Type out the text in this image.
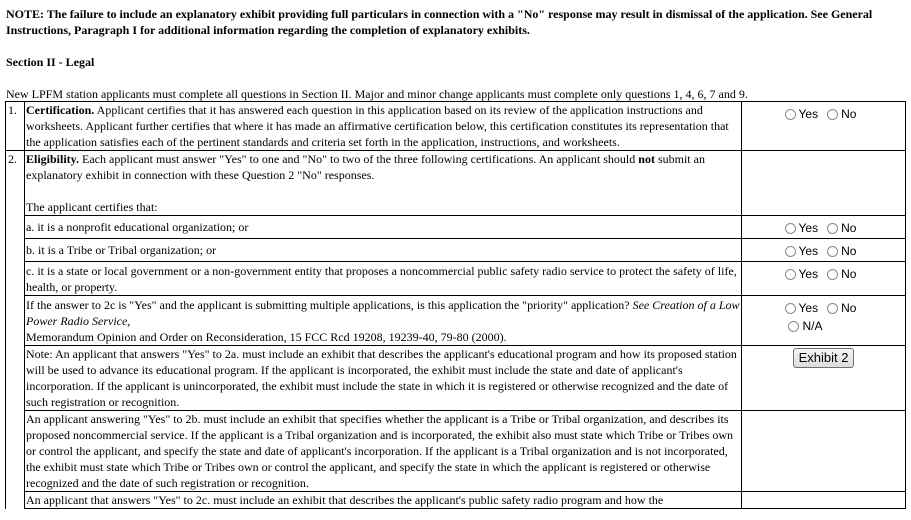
NOTE: The failure to include an explanatory exhibit providing full particulars in connection with a "No" response may result in dismissal of the application. See General Instructions, Paragraph I for additional information regarding the completion of explanatory exhibits.
Section II - Legal
New LPFM station applicants must complete all questions in Section II. Major and minor change applicants must complete only questions 1, 4, 6, 7 and 9.
1.	Certification. Applicant certifies that it has answered each question in this application based on its review of the application instructions and worksheets. Applicant further certifies that where it has made an affirmative certification below, this certification constitutes its representation that the application satisfies each of the pertinent standards and criteria set forth in the application, instructions, and worksheets.	Yes No
2.	Eligibility. Each applicant must answer "Yes" to one and "No" to two of the three following certifications. An applicant should not submit an explanatory exhibit in connection with these Question 2 "No" responses.

The applicant certifies that:	
	a. it is a nonprofit educational organization; or	Yes No
	b. it is a Tribe or Tribal organization; or	Yes No
	c. it is a state or local government or a non-government entity that proposes a noncommercial public safety radio service to protect the safety of life, health, or property.	Yes No
	If the answer to 2c is "Yes" and the applicant is submitting multiple applications, is this application the "priority" application? See Creation of a Low Power Radio Service,
Memorandum Opinion and Order on Reconsideration, 15 FCC Rcd 19208, 19239-40, 79-80 (2000).	Yes No
N/A
	Note: An applicant that answers "Yes" to 2a. must include an exhibit that describes the applicant's educational program and how its proposed station will be used to advance its educational program. If the applicant is incorporated, the exhibit must include the state and date of applicant's incorporation. If the applicant is unincorporated, the exhibit must include the state in which it is registered or otherwise recognized and the date of such registration or recognition.	Exhibit 2
	An applicant answering "Yes" to 2b. must include an exhibit that specifies whether the applicant is a Tribe or Tribal organization, and describes its proposed noncommercial service. If the applicant is a Tribal organization and is incorporated, the exhibit also must state which Tribe or Tribes own or control the applicant, and specify the state and date of applicant's incorporation. If the applicant is a Tribal organization and is not incorporated, the exhibit must state which Tribe or Tribes own or control the applicant, and specify the state in which the applicant is registered or otherwise recognized and the date of such registration or recognition.	
	An applicant that answers "Yes" to 2c. must include an exhibit that describes the applicant's public safety radio program and how the	
